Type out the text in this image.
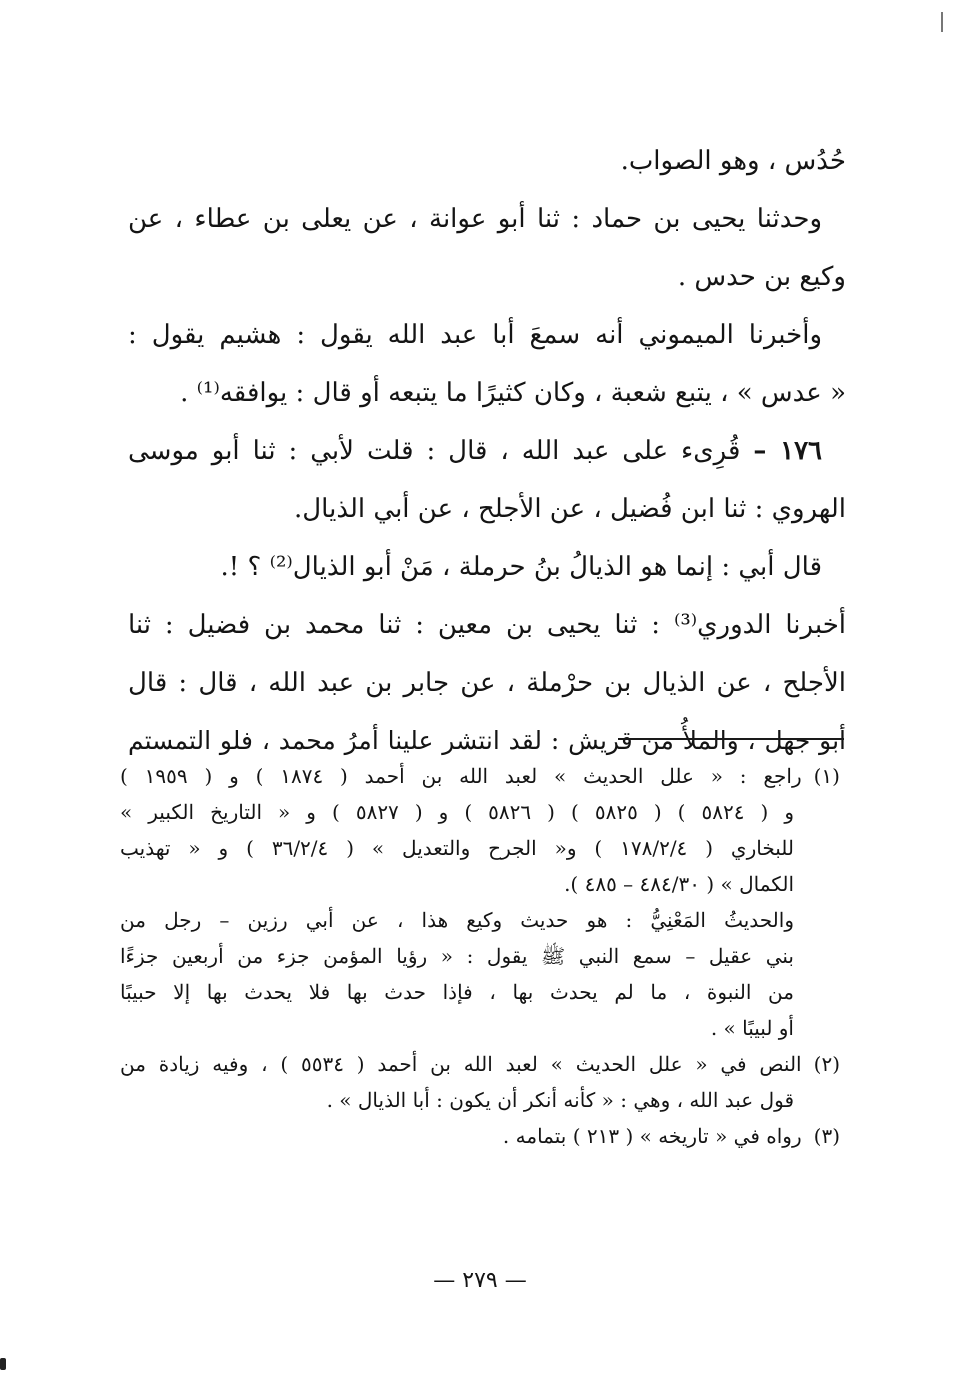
حُدُس ، وهو الصواب.
وحدثنا يحيى بن حماد : ثنا أبو عوانة ، عن يعلى بن عطاء ، عن
وكيع بن حدس .
وأخبرنا الميموني أنه سمعَ أبا عبد الله يقول : هشيم يقول :
« عدس » ، يتبع شعبة ، وكان كثيرًا ما يتبعه أو قال : يوافقه⁽¹⁾ .
١٧٦ – قُرِىء على عبد الله ، قال : قلت لأبي : ثنا أبو موسى
الهروي : ثنا ابن فُضيل ، عن الأجلح ، عن أبي الذيال.
قال أبي : إنما هو الذيالُ بنُ حرملة ، مَنْ أبو الذيال⁽²⁾ ؟ !.
أخبرنا الدوري⁽³⁾ : ثنا يحيى بن معين : ثنا محمد بن فضيل : ثنا
الأجلح ، عن الذيال بن حرْملة ، عن جابر بن عبد الله ، قال : قال
أبو جهل ، والملأُ من قريش : لقد انتشر علينا أمرُ محمد ، فلو التمستم
(١)راجع : « علل الحديث » لعبد الله بن أحمد ( ١٨٧٤ ) و ( ١٩٥٩ )
و ( ٥٨٢٤ ) ( ٥٨٢٥ ) ( ٥٨٢٦ ) و ( ٥٨٢٧ ) و « التاريخ الكبير »
للبخاري ( ١٧٨/٢/٤ ) و« الجرح والتعديل » ( ٣٦/٢/٤ ) و « تهذيب
الكمال » ( ٤٨٤/٣٠ – ٤٨٥ ).
والحديثُ المَعْنِيُّ : هو حديث وكيع هذا ، عن أبي رزين – رجل من
بني عقيل – سمع النبي ﷺ يقول : « رؤيا المؤمن جزء من أربعين جزءًا
من النبوة ، ما لم يحدث بها ، فإذا حدث بها فلا يحدث بها إلا حبيبًا
أو لبيبًا » .
(٢)النص في « علل الحديث » لعبد الله بن أحمد ( ٥٥٣٤ ) ، وفيه زيادة من
قول عبد الله ، وهي : « كأنه أنكر أن يكون : أبا الذيال » .
(٣)رواه في « تاريخه » ( ٢١٣ ) بتمامه .
— ٢٧٩ —
